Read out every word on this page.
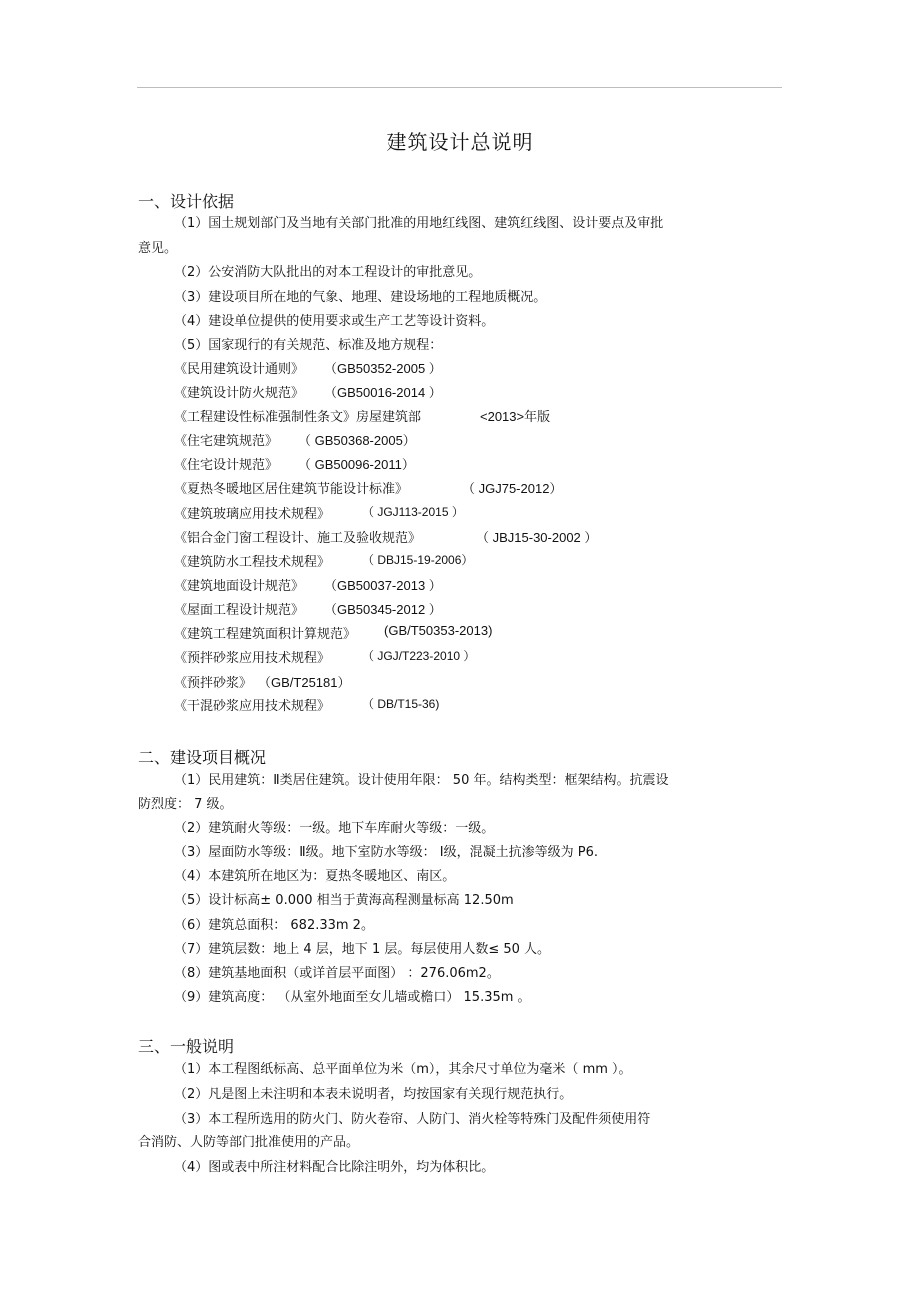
建筑设计总说明
一、设计依据
（1）国土规划部门及当地有关部门批准的用地红线图、建筑红线图、设计要点及审批
意见。
（2）公安消防大队批出的对本工程设计的审批意见。
（3）建设项目所在地的气象、地理、建设场地的工程地质概况。
（4）建设单位提供的使用要求或生产工艺等设计资料。
（5）国家现行的有关规范、标准及地方规程：
《民用建筑设计通则》 （GB50352-2005 ）
《建筑设计防火规范》 （GB50016-2014 ）
《工程建设性标准强制性条文》房屋建筑部	<2013>年版
《住宅建筑规范》 （ GB50368-2005）
《住宅设计规范》 （ GB50096-2011）
《夏热冬暖地区居住建筑节能设计标准》	（ JGJ75-2012）
《建筑玻璃应用技术规程》	（ JGJ113-2015 ）
《铝合金门窗工程设计、施工及验收规范》	（ JBJ15-30-2002 ）
《建筑防水工程技术规程》	（ DBJ15-19-2006）
《建筑地面设计规范》 （GB50037-2013 ）
《屋面工程设计规范》 （GB50345-2012 ）
《建筑工程建筑面积计算规范》 (GB/T50353-2013)
《预拌砂浆应用技术规程》	（ JGJ/T223-2010 ）
《预拌砂浆》 （GB/T25181）
《干混砂浆应用技术规程》	（ DB/T15-36)
二、建设项目概况
（1）民用建筑：Ⅱ类居住建筑。设计使用年限： 50 年。结构类型：框架结构。抗震设
防烈度： 7 级。
（2）建筑耐火等级：一级。地下车库耐火等级：一级。
（3）屋面防水等级：Ⅱ级。地下室防水等级： Ⅰ级，混凝土抗渗等级为 P6.
（4）本建筑所在地区为：夏热冬暖地区、南区。
（5）设计标高± 0.000 相当于黄海高程测量标高 12.50m
（6）建筑总面积： 682.33m 2。
（7）建筑层数：地上 4 层，地下 1 层。每层使用人数≤ 50 人。
（8）建筑基地面积（或详首层平面图） ：276.06m2。
（9）建筑高度： （从室外地面至女儿墙或檐口） 15.35m 。
三、一般说明
（1）本工程图纸标高、总平面单位为米（m），其余尺寸单位为毫米（ mm ）。
（2）凡是图上未注明和本表未说明者，均按国家有关现行规范执行。
（3）本工程所选用的防火门、防火卷帘、人防门、消火栓等特殊门及配件须使用符
合消防、人防等部门批准使用的产品。
（4）图或表中所注材料配合比除注明外，均为体积比。
